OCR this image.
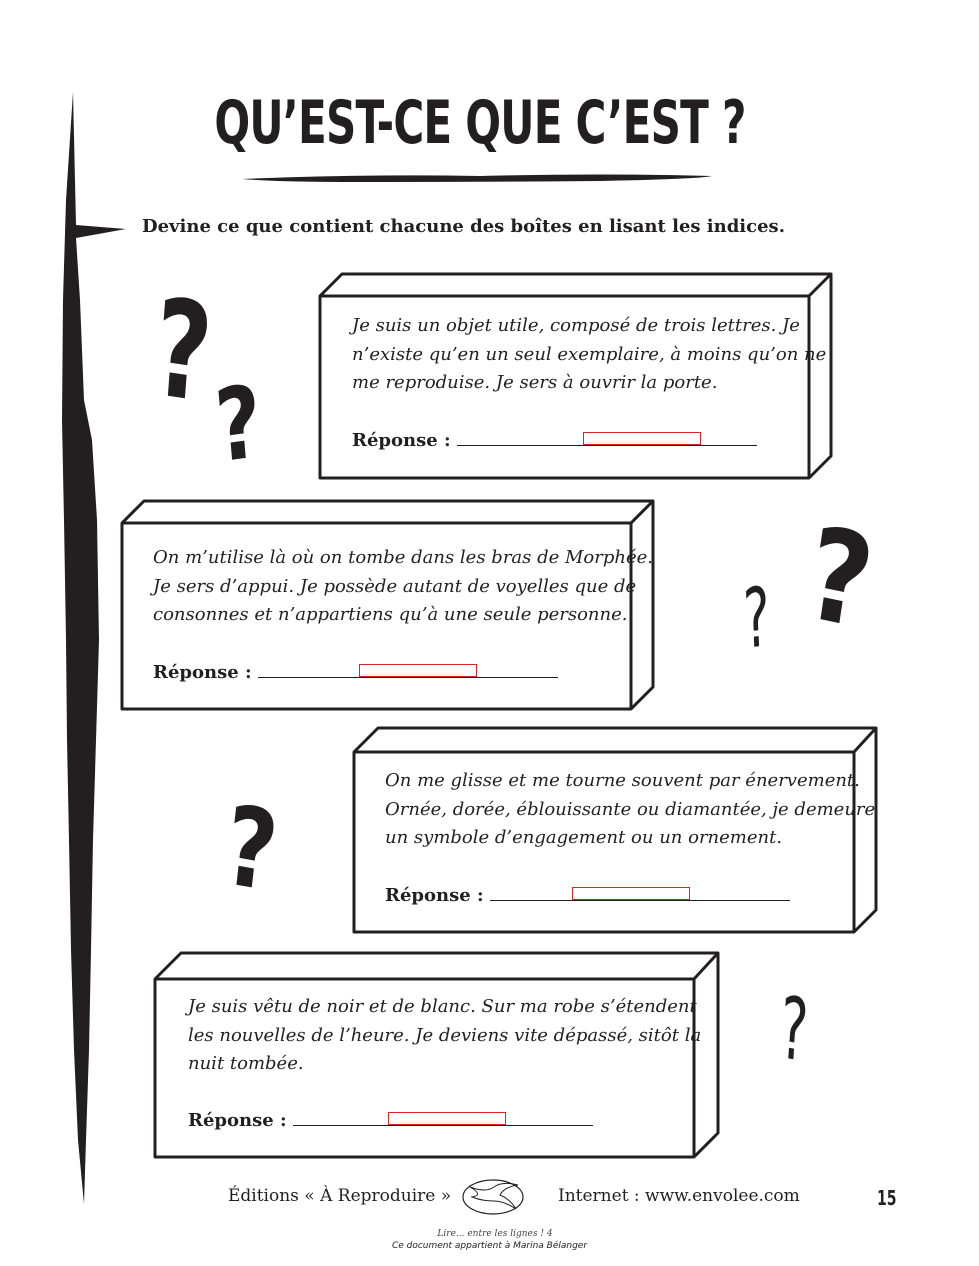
QU’EST-CE QUE C’EST ?
Devine ce que contient chacune des boîtes en lisant les indices.
Je suis un objet utile, composé de trois lettres. Je
n’existe qu’en un seul exemplaire, à moins qu’on ne
me reproduise. Je sers à ouvrir la porte.
Réponse :
On m’utilise là où on tombe dans les bras de Morphée.
Je sers d’appui. Je possède autant de voyelles que de
consonnes et n’appartiens qu’à une seule personne.
Réponse :
On me glisse et me tourne souvent par énervement.
Ornée, dorée, éblouissante ou diamantée, je demeure
un symbole d’engagement ou un ornement.
Réponse :
Je suis vêtu de noir et de blanc. Sur ma robe s’étendent
les nouvelles de l’heure. Je deviens vite dépassé, sitôt la
nuit tombée.
Réponse :
?
?
?
?
?
?
Éditions « À Reproduire »	Internet : www.envolee.com	15
Lire... entre les lignes ! 4
Ce document appartient à Marina Bélanger
